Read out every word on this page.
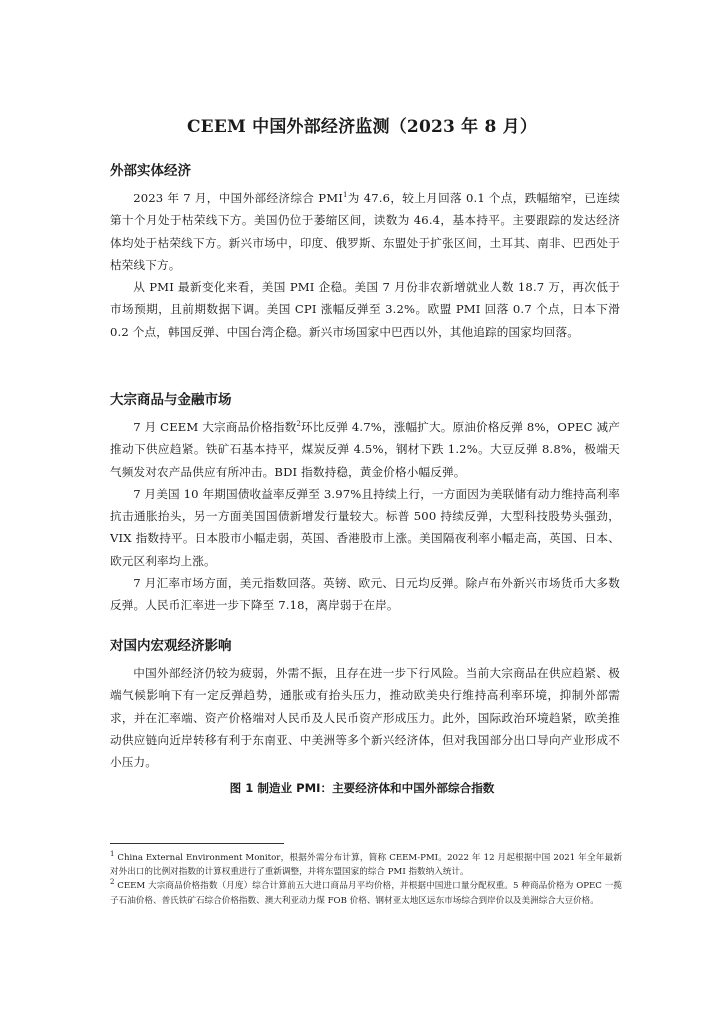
CEEM 中国外部经济监测（2023 年 8 月）
外部实体经济

2023 年 7 月，中国外部经济综合 PMI$^1$为 47.6，较上月回落 0.1 个点，跌幅缩窄，已连续第十个月处于枯荣线下方。美国仍位于萎缩区间，读数为 46.4，基本持平。主要跟踪的发达经济体均处于枯荣线下方。新兴市场中，印度、俄罗斯、东盟处于扩张区间，土耳其、南非、巴西处于枯荣线下方。

从 PMI 最新变化来看，美国 PMI 企稳。美国 7 月份非农新增就业人数 18.7 万，再次低于市场预期，且前期数据下调。美国 CPI 涨幅反弹至 3.2%。欧盟 PMI 回落 0.7 个点，日本下滑 0.2 个点，韩国反弹、中国台湾企稳。新兴市场国家中巴西以外，其他追踪的国家均回落。

大宗商品与金融市场

7 月 CEEM 大宗商品价格指数$^2$环比反弹 4.7%，涨幅扩大。原油价格反弹 8%，OPEC 减产推动下供应趋紧。铁矿石基本持平，煤炭反弹 4.5%，钢材下跌 1.2%。大豆反弹 8.8%，极端天气频发对农产品供应有所冲击。BDI 指数持稳，黄金价格小幅反弹。

7 月美国 10 年期国债收益率反弹至 3.97%且持续上行，一方面因为美联储有动力维持高利率抗击通胀抬头，另一方面美国国债新增发行量较大。标普 500 持续反弹，大型科技股势头强劲，VIX 指数持平。日本股市小幅走弱，英国、香港股市上涨。美国隔夜利率小幅走高，英国、日本、欧元区利率均上涨。

7 月汇率市场方面，美元指数回落。英镑、欧元、日元均反弹。除卢布外新兴市场货币大多数反弹。人民币汇率进一步下降至 7.18，离岸弱于在岸。

对国内宏观经济影响

中国外部经济仍较为疲弱，外需不振，且存在进一步下行风险。当前大宗商品在供应趋紧、极端气候影响下有一定反弹趋势，通胀或有抬头压力，推动欧美央行维持高利率环境，抑制外部需求，并在汇率端、资产价格端对人民币及人民币资产形成压力。此外，国际政治环境趋紧，欧美推动供应链向近岸转移有利于东南亚、中美洲等多个新兴经济体，但对我国部分出口导向产业形成不小压力。

图 1 制造业 PMI：主要经济体和中国外部综合指数

$^1$ China External Environment Monitor，根据外需分布计算，简称 CEEM-PMI。2022 年 12 月起根据中国 2021 年全年最新对外出口的比例对指数的计算权重进行了重新调整，并将东盟国家的综合 PMI 指数纳入统计。

$^2$ CEEM 大宗商品价格指数（月度）综合计算前五大进口商品月平均价格，并根据中国进口量分配权重。5 种商品价格为 OPEC 一揽子石油价格、普氏铁矿石综合价格指数、澳大利亚动力煤 FOB 价格、钢材亚太地区远东市场综合到岸价以及美洲综合大豆价格。
